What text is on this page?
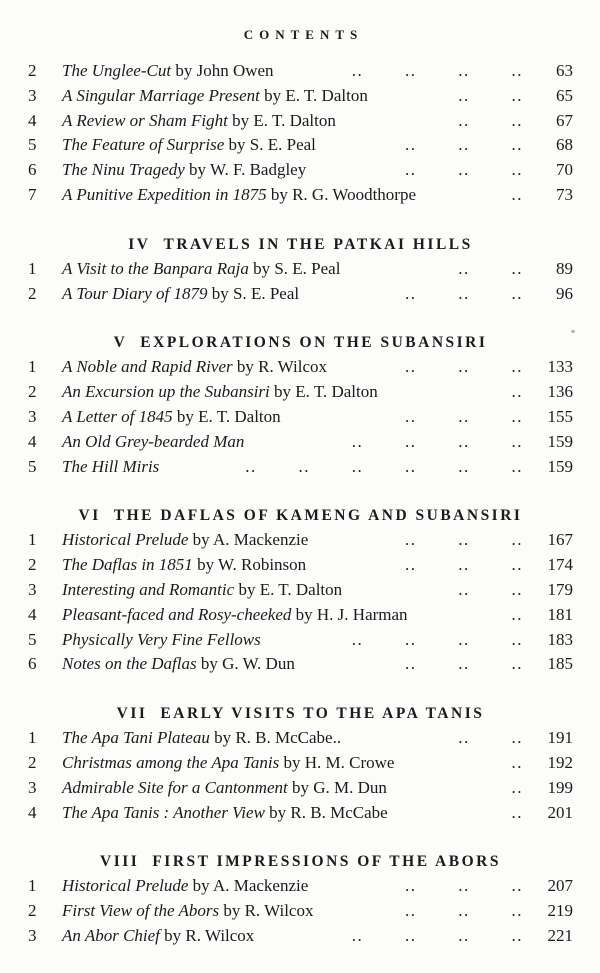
CONTENTS
2	The Unglee-Cut by John Owen	.. .. .. ..	63
3	A Singular Marriage Present by E. T. Dalton	.. ..	65
4	A Review or Sham Fight by E. T. Dalton	.. ..	67
5	The Feature of Surprise by S. E. Peal	.. .. ..	68
6	The Ninu Tragedy by W. F. Badgley	.. .. ..	70
7	A Punitive Expedition in 1875 by R. G. Woodthorpe	..	73
IV TRAVELS IN THE PATKAI HILLS
1	A Visit to the Banpara Raja by S. E. Peal	.. ..	89
2	A Tour Diary of 1879 by S. E. Peal	.. .. ..	96
V EXPLORATIONS ON THE SUBANSIRI
1	A Noble and Rapid River by R. Wilcox	.. .. ..	133
2	An Excursion up the Subansiri by E. T. Dalton	..	136
3	A Letter of 1845 by E. T. Dalton	.. .. ..	155
4	An Old Grey-bearded Man	.. .. .. ..	159
5	The Hill Miris	.. .. .. .. .. ..	159
VI THE DAFLAS OF KAMENG AND SUBANSIRI
1	Historical Prelude by A. Mackenzie	.. .. ..	167
2	The Daflas in 1851 by W. Robinson	.. .. ..	174
3	Interesting and Romantic by E. T. Dalton	.. ..	179
4	Pleasant-faced and Rosy-cheeked by H. J. Harman	..	181
5	Physically Very Fine Fellows	.. .. .. ..	183
6	Notes on the Daflas by G. W. Dun	.. .. ..	185
VII EARLY VISITS TO THE APA TANIS
1	The Apa Tani Plateau by R. B. McCabe..	.. ..	191
2	Christmas among the Apa Tanis by H. M. Crowe	..	192
3	Admirable Site for a Cantonment by G. M. Dun	..	199
4	The Apa Tanis : Another View by R. B. McCabe	..	201
VIII FIRST IMPRESSIONS OF THE ABORS
1	Historical Prelude by A. Mackenzie	.. .. ..	207
2	First View of the Abors by R. Wilcox	.. .. ..	219
3	An Abor Chief by R. Wilcox	.. .. .. ..	221
